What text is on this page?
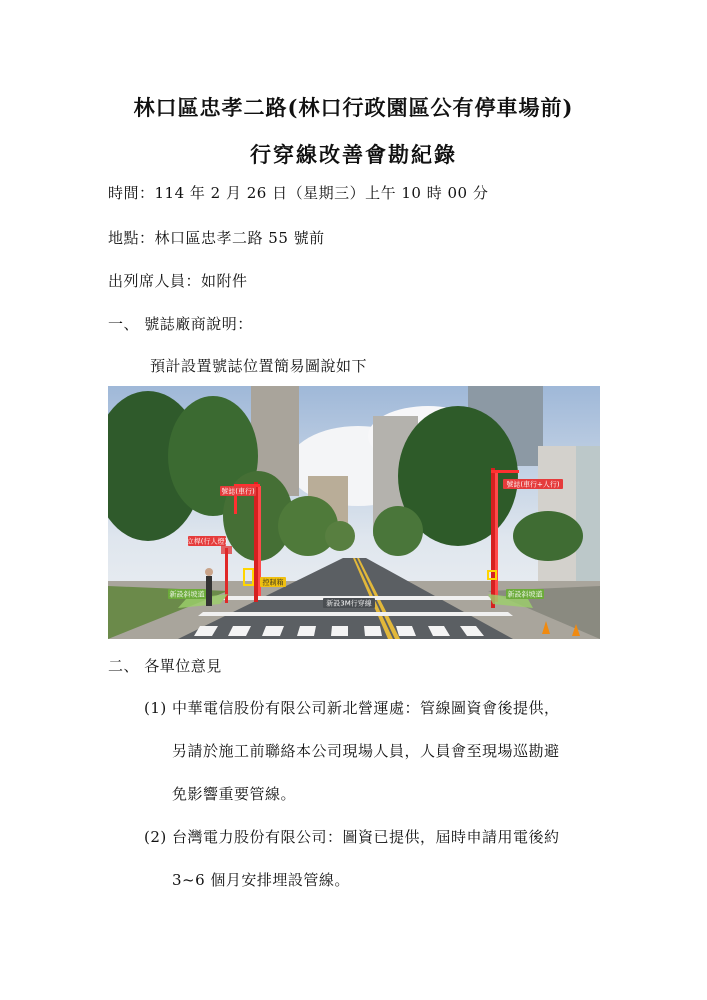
林口區忠孝二路(林口行政園區公有停車場前)
行穿線改善會勘紀錄
時間：114 年 2 月 26 日（星期三）上午 10 時 00 分
地點：林口區忠孝二路 55 號前
出列席人員：如附件
一、 號誌廠商說明：
預計設置號誌位置簡易圖說如下
號誌(車行)
號誌(車行+人行)
立桿(行人燈)
控制箱
新設斜坡道	新設斜坡道
新設3M行穿線
二、 各單位意見
(1) 中華電信股份有限公司新北營運處：管線圖資會後提供，
另請於施工前聯絡本公司現場人員，人員會至現場巡勘避
免影響重要管線。
(2) 台灣電力股份有限公司：圖資已提供，屆時申請用電後約
3~6 個月安排埋設管線。
